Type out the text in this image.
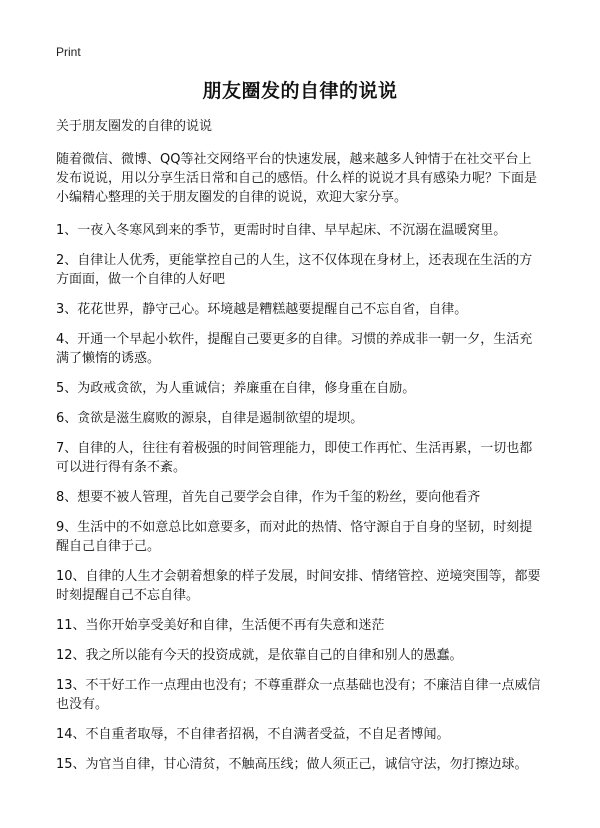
Print
朋友圈发的自律的说说
关于朋友圈发的自律的说说
随着微信、微博、QQ等社交网络平台的快速发展，越来越多人钟情于在社交平台上发布说说，用以分享生活日常和自己的感悟。什么样的说说才具有感染力呢？下面是小编精心整理的关于朋友圈发的自律的说说，欢迎大家分享。
1、一夜入冬寒风到来的季节，更需时时自律、早早起床、不沉溺在温暖窝里。
2、自律让人优秀，更能掌控自己的人生，这不仅体现在身材上，还表现在生活的方方面面，做一个自律的人好吧
3、花花世界，静守己心。环境越是糟糕越要提醒自己不忘自省，自律。
4、开通一个早起小软件，提醒自己要更多的自律。习惯的养成非一朝一夕，生活充满了懒惰的诱惑。
5、为政戒贪欲，为人重诚信；养廉重在自律，修身重在自励。
6、贪欲是滋生腐败的源泉，自律是遏制欲望的堤坝。
7、自律的人，往往有着极强的时间管理能力，即使工作再忙、生活再累，一切也都可以进行得有条不紊。
8、想要不被人管理，首先自己要学会自律，作为千玺的粉丝，要向他看齐
9、生活中的不如意总比如意要多，而对此的热情、恪守源自于自身的坚韧，时刻提醒自己自律于己。
10、自律的人生才会朝着想象的样子发展，时间安排、情绪管控、逆境突围等，都要时刻提醒自己不忘自律。
11、当你开始享受美好和自律，生活便不再有失意和迷茫
12、我之所以能有今天的投资成就，是依靠自己的自律和别人的愚蠢。
13、不干好工作一点理由也没有；不尊重群众一点基础也没有；不廉洁自律一点威信也没有。
14、不自重者取辱，不自律者招祸，不自满者受益，不自足者博闻。
15、为官当自律，甘心清贫，不触高压线；做人须正己，诚信守法，勿打擦边球。
